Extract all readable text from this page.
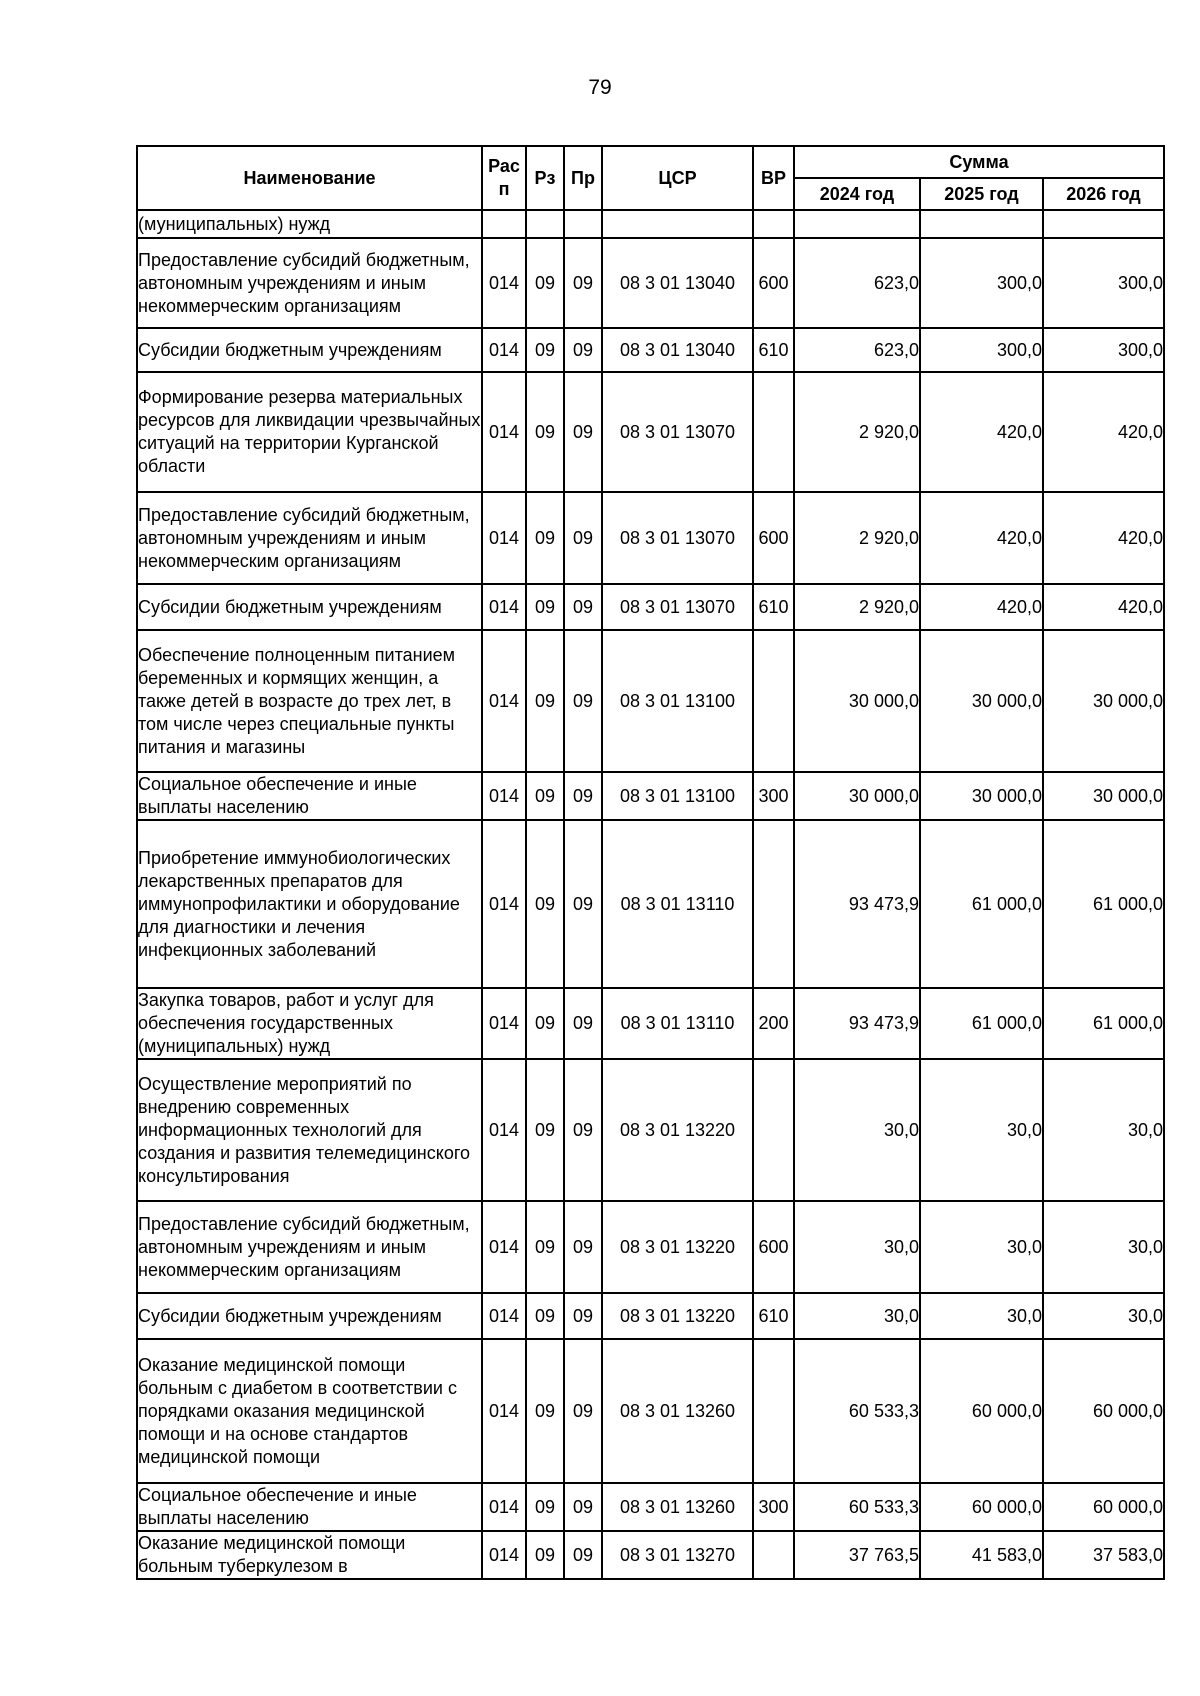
79
Наименование	Рас п	Рз	Пр	ЦСР	ВР	Сумма		
						2024 год	2025 год	2026 год
(муниципальных) нужд								
Предоставление субсидий бюджетным, автономным учреждениям и иным некоммерческим организациям	014	09	09	08 3 01 13040	600	623,0	300,0	300,0
Субсидии бюджетным учреждениям	014	09	09	08 3 01 13040	610	623,0	300,0	300,0
Формирование резерва материальных ресурсов для ликвидации чрезвычайных ситуаций на территории Курганской области	014	09	09	08 3 01 13070		2 920,0	420,0	420,0
Предоставление субсидий бюджетным, автономным учреждениям и иным некоммерческим организациям	014	09	09	08 3 01 13070	600	2 920,0	420,0	420,0
Субсидии бюджетным учреждениям	014	09	09	08 3 01 13070	610	2 920,0	420,0	420,0
Обеспечение полноценным питанием беременных и кормящих женщин, а также детей в возрасте до трех лет, в том числе через специальные пункты питания и магазины	014	09	09	08 3 01 13100		30 000,0	30 000,0	30 000,0
Социальное обеспечение и иные выплаты населению	014	09	09	08 3 01 13100	300	30 000,0	30 000,0	30 000,0
Приобретение иммунобиологических лекарственных препаратов для иммунопрофилактики и оборудование для диагностики и лечения инфекционных заболеваний	014	09	09	08 3 01 13110		93 473,9	61 000,0	61 000,0
Закупка товаров, работ и услуг для обеспечения государственных (муниципальных) нужд	014	09	09	08 3 01 13110	200	93 473,9	61 000,0	61 000,0
Осуществление мероприятий по внедрению современных информационных технологий для создания и развития телемедицинского консультирования	014	09	09	08 3 01 13220		30,0	30,0	30,0
Предоставление субсидий бюджетным, автономным учреждениям и иным некоммерческим организациям	014	09	09	08 3 01 13220	600	30,0	30,0	30,0
Субсидии бюджетным учреждениям	014	09	09	08 3 01 13220	610	30,0	30,0	30,0
Оказание медицинской помощи больным с диабетом в соответствии с порядками оказания медицинской помощи и на основе стандартов медицинской помощи	014	09	09	08 3 01 13260		60 533,3	60 000,0	60 000,0
Социальное обеспечение и иные выплаты населению	014	09	09	08 3 01 13260	300	60 533,3	60 000,0	60 000,0
Оказание медицинской помощи больным туберкулезом в	014	09	09	08 3 01 13270		37 763,5	41 583,0	37 583,0
